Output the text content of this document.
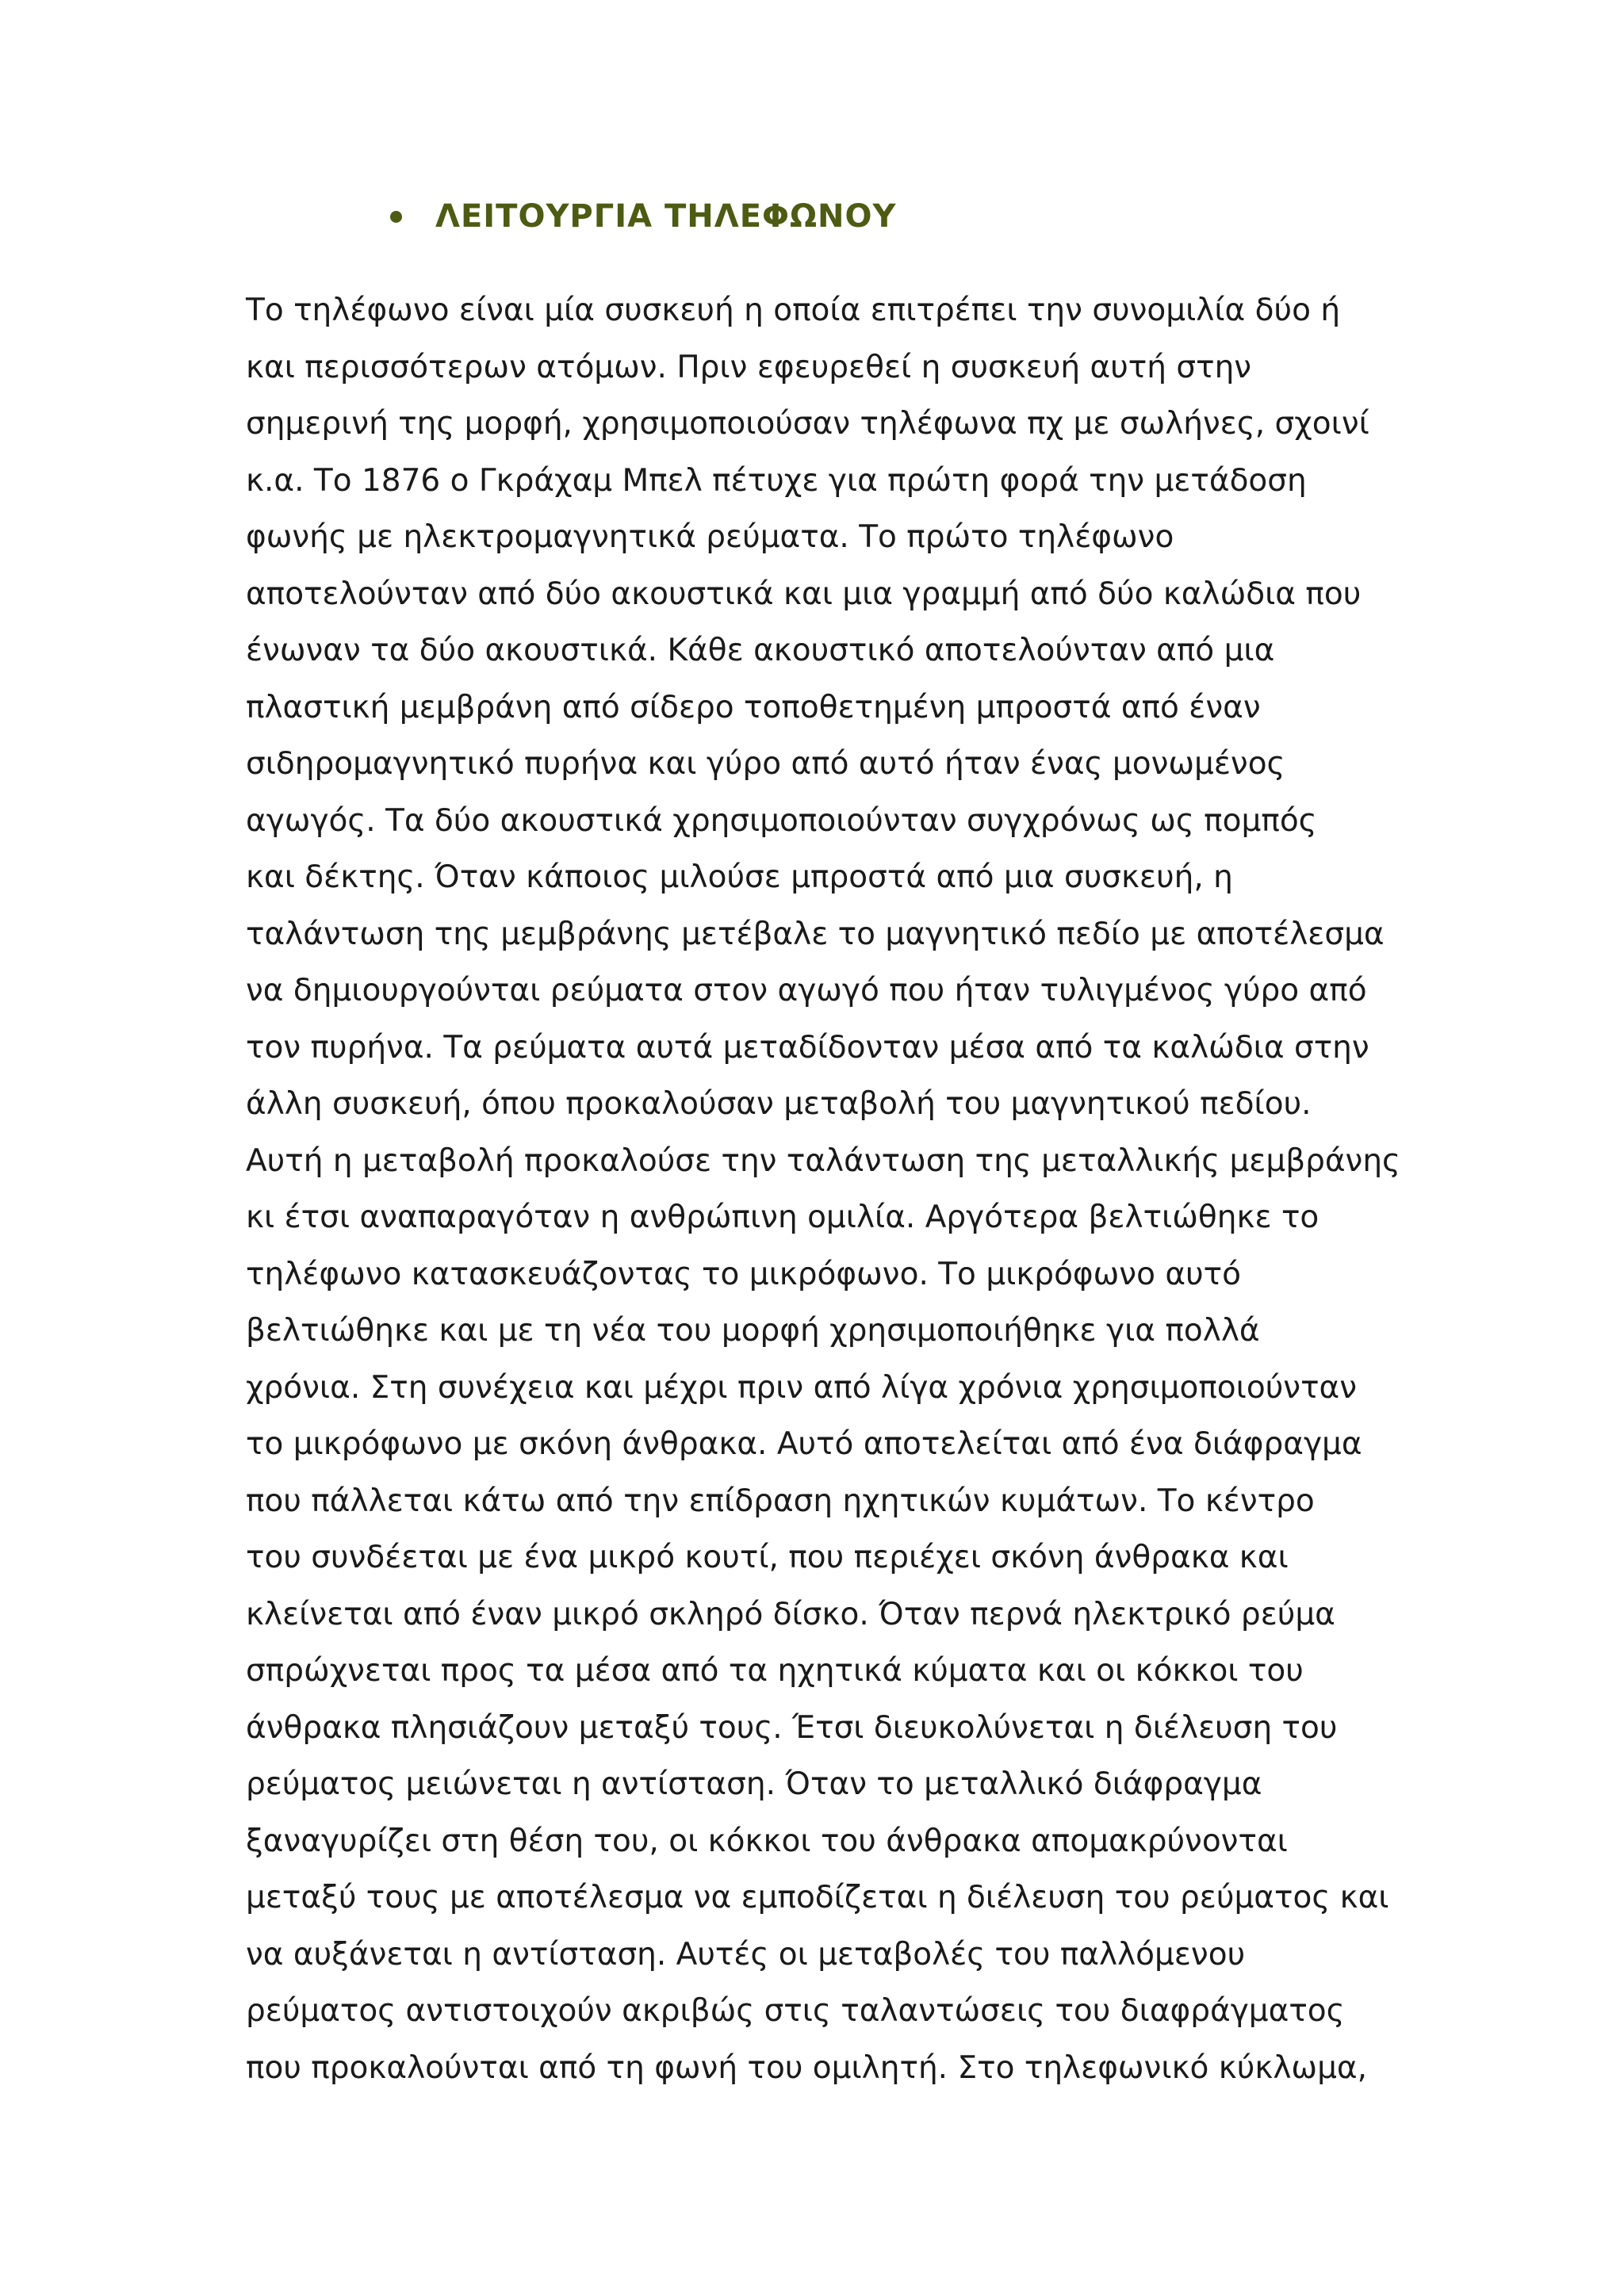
ΛΕΙΤΟΥΡΓΙΑ ΤΗΛΕΦΩΝΟΥ
Το τηλέφωνο είναι μία συσκευή η οποία επιτρέπει την συνομιλία δύο ή
και περισσότερων ατόμων. Πριν εφευρεθεί η συσκευή αυτή στην
σημερινή της μορφή, χρησιμοποιούσαν τηλέφωνα πχ με σωλήνες, σχοινί
κ.α. Το 1876 ο Γκράχαμ Μπελ πέτυχε για πρώτη φορά την μετάδοση
φωνής με ηλεκτρομαγνητικά ρεύματα. Το πρώτο τηλέφωνο
αποτελούνταν από δύο ακουστικά και μια γραμμή από δύο καλώδια που
ένωναν τα δύο ακουστικά. Κάθε ακουστικό αποτελούνταν από μια
πλαστική μεμβράνη από σίδερο τοποθετημένη μπροστά από έναν
σιδηρομαγνητικό πυρήνα και γύρο από αυτό ήταν ένας μονωμένος
αγωγός. Τα δύο ακουστικά χρησιμοποιούνταν συγχρόνως ως πομπός
και δέκτης. Όταν κάποιος μιλούσε μπροστά από μια συσκευή, η
ταλάντωση της μεμβράνης μετέβαλε το μαγνητικό πεδίο με αποτέλεσμα
να δημιουργούνται ρεύματα στον αγωγό που ήταν τυλιγμένος γύρο από
τον πυρήνα. Τα ρεύματα αυτά μεταδίδονταν μέσα από τα καλώδια στην
άλλη συσκευή, όπου προκαλούσαν μεταβολή του μαγνητικού πεδίου.
Αυτή η μεταβολή προκαλούσε την ταλάντωση της μεταλλικής μεμβράνης
κι έτσι αναπαραγόταν η ανθρώπινη ομιλία. Αργότερα βελτιώθηκε το
τηλέφωνο κατασκευάζοντας το μικρόφωνο. Το μικρόφωνο αυτό
βελτιώθηκε και με τη νέα του μορφή χρησιμοποιήθηκε για πολλά
χρόνια. Στη συνέχεια και μέχρι πριν από λίγα χρόνια χρησιμοποιούνταν
το μικρόφωνο με σκόνη άνθρακα. Αυτό αποτελείται από ένα διάφραγμα
που πάλλεται κάτω από την επίδραση ηχητικών κυμάτων. Το κέντρο
του συνδέεται με ένα μικρό κουτί, που περιέχει σκόνη άνθρακα και
κλείνεται από έναν μικρό σκληρό δίσκο. Όταν περνά ηλεκτρικό ρεύμα
σπρώχνεται προς τα μέσα από τα ηχητικά κύματα και οι κόκκοι του
άνθρακα πλησιάζουν μεταξύ τους. Έτσι διευκολύνεται η διέλευση του
ρεύματος μειώνεται η αντίσταση. Όταν το μεταλλικό διάφραγμα
ξαναγυρίζει στη θέση του, οι κόκκοι του άνθρακα απομακρύνονται
μεταξύ τους με αποτέλεσμα να εμποδίζεται η διέλευση του ρεύματος και
να αυξάνεται η αντίσταση. Αυτές οι μεταβολές του παλλόμενου
ρεύματος αντιστοιχούν ακριβώς στις ταλαντώσεις του διαφράγματος
που προκαλούνται από τη φωνή του ομιλητή. Στο τηλεφωνικό κύκλωμα,
